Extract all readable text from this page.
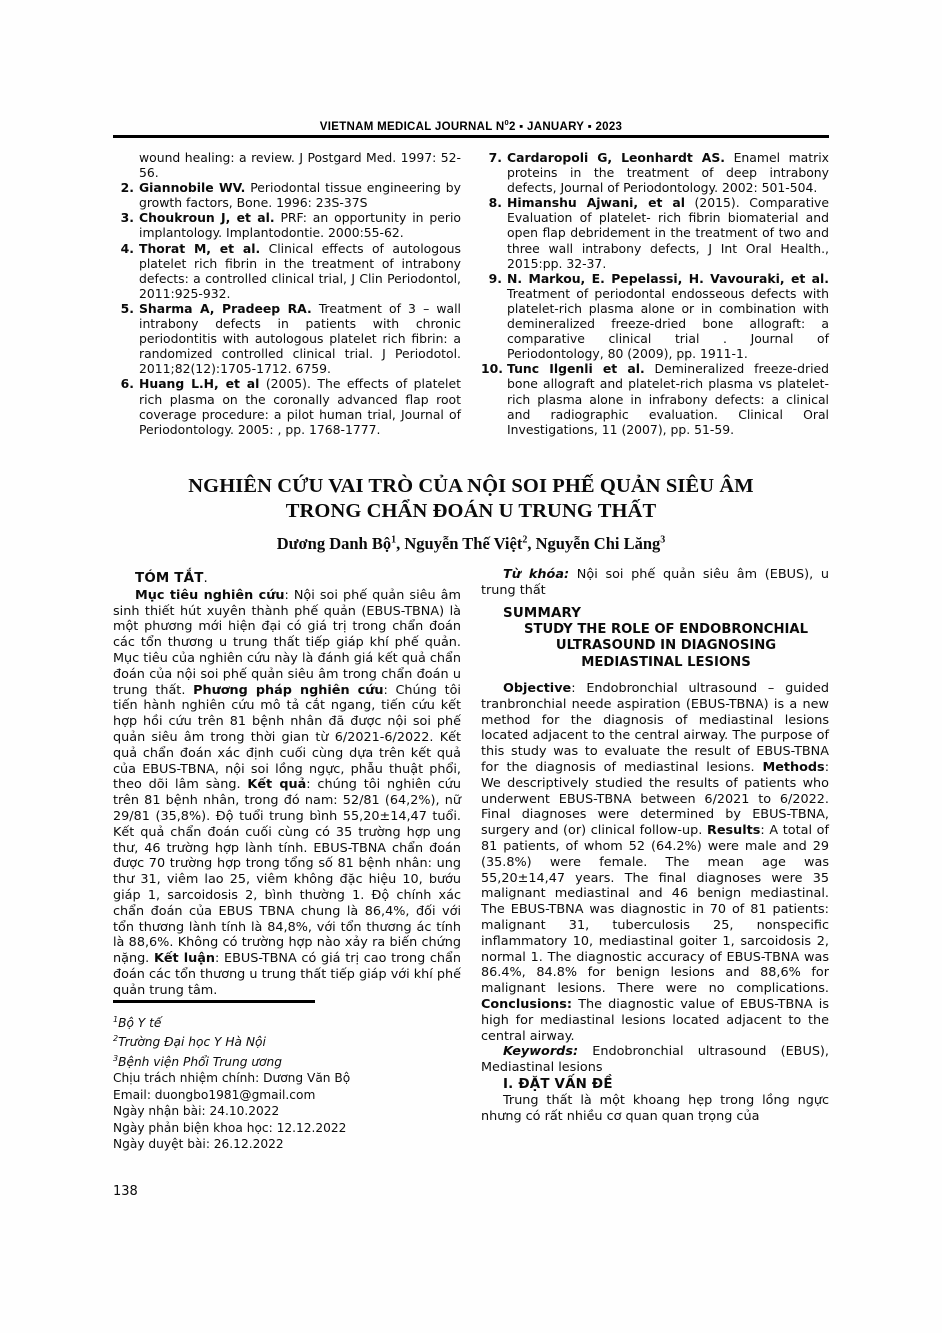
VIETNAM MEDICAL JOURNAL $N^02$ ▪ JANUARY ▪ 2023
wound healing: a review. J Postgard Med. 1997: 52-56.
2. Giannobile WV. Periodontal tissue engineering by growth factors, Bone. 1996: 23S-37S
3. Choukroun J, et al. PRF: an opportunity in perio implantology. Implantodontie. 2000:55-62.
4. Thorat M, et al. Clinical effects of autologous platelet rich fibrin in the treatment of intrabony defects: a controlled clinical trial, J Clin Periodontol, 2011:925-932.
5. Sharma A, Pradeep RA. Treatment of 3 – wall intrabony defects in patients with chronic periodontitis with autologous platelet rich fibrin: a randomized controlled clinical trial. J Periodotol. 2011;82(12):1705-1712. 6759.
6. Huang L.H, et al (2005). The effects of platelet rich plasma on the coronally advanced flap root coverage procedure: a pilot human trial, Journal of Periodontology. 2005: , pp. 1768-1777.
7. Cardaropoli G, Leonhardt AS. Enamel matrix proteins in the treatment of deep intrabony defects, Journal of Periodontology. 2002: 501-504.
8. Himanshu Ajwani, et al (2015). Comparative Evaluation of platelet- rich fibrin biomaterial and open flap debridement in the treatment of two and three wall intrabony defects, J Int Oral Health., 2015:pp. 32-37.
9. N. Markou, E. Pepelassi, H. Vavouraki, et al. Treatment of periodontal endosseous defects with platelet-rich plasma alone or in combination with demineralized freeze-dried bone allograft: a comparative clinical trial . Journal of Periodontology, 80 (2009), pp. 1911-1.
10. Tunc Ilgenli et al. Demineralized freeze-dried bone allograft and platelet-rich plasma vs platelet-rich plasma alone in infrabony defects: a clinical and radiographic evaluation. Clinical Oral Investigations, 11 (2007), pp. 51-59.
NGHIÊN CỨU VAI TRÒ CỦA NỘI SOI PHẾ QUẢN SIÊU ÂM
TRONG CHẨN ĐOÁN U TRUNG THẤT
Dương Danh Bộ$^1$, Nguyễn Thế Việt$^2$, Nguyễn Chi Lăng$^3$

TÓM TẮT.

Mục tiêu nghiên cứu: Nội soi phế quản siêu âm sinh thiết hút xuyên thành phế quản (EBUS-TBNA) là một phương mới hiện đại có giá trị trong chẩn đoán các tổn thương u trung thất tiếp giáp khí phế quản. Mục tiêu của nghiên cứu này là đánh giá kết quả chẩn đoán của nội soi phế quản siêu âm trong chẩn đoán u trung thất. Phương pháp nghiên cứu: Chúng tôi tiến hành nghiên cứu mô tả cắt ngang, tiến cứu kết hợp hồi cứu trên 81 bệnh nhân đã được nội soi phế quản siêu âm trong thời gian từ 6/2021-6/2022. Kết quả chẩn đoán xác định cuối cùng dựa trên kết quả của EBUS-TBNA, nội soi lồng ngực, phẫu thuật phổi, theo dõi lâm sàng. Kết quả: chúng tôi nghiên cứu trên 81 bệnh nhân, trong đó nam: 52/81 (64,2%), nữ 29/81 (35,8%). Độ tuổi trung bình 55,20±14,47 tuổi. Kết quả chẩn đoán cuối cùng có 35 trường hợp ung thư, 46 trường hợp lành tính. EBUS-TBNA chẩn đoán được 70 trường hợp trong tổng số 81 bệnh nhân: ung thư 31, viêm lao 25, viêm không đặc hiệu 10, bướu giáp 1, sarcoidosis 2, bình thường 1. Độ chính xác chẩn đoán của EBUS TBNA chung là 86,4%, đối với tổn thương lành tính là 84,8%, với tổn thương ác tính là 88,6%. Không có trường hợp nào xảy ra biến chứng nặng. Kết luận: EBUS-TBNA có giá trị cao trong chẩn đoán các tổn thương u trung thất tiếp giáp với khí phế quản trung tâm.

$^1$Bộ Y tế
$^2$Trường Đại học Y Hà Nội
$^3$Bệnh viện Phổi Trung ương
Chịu trách nhiệm chính: Dương Văn Bộ
Email: duongbo1981@gmail.com
Ngày nhận bài: 24.10.2022
Ngày phản biện khoa học: 12.12.2022
Ngày duyệt bài: 26.12.2022

Từ khóa: Nội soi phế quản siêu âm (EBUS), u trung thất

SUMMARY

STUDY THE ROLE OF ENDOBRONCHIAL

ULTRASOUND IN DIAGNOSING

MEDIASTINAL LESIONS

Objective: Endobronchial ultrasound – guided tranbronchial neede aspiration (EBUS-TBNA) is a new method for the diagnosis of mediastinal lesions located adjacent to the central airway. The purpose of this study was to evaluate the result of EBUS-TBNA for the diagnosis of mediastinal lesions. Methods: We descriptively studied the results of patients who underwent EBUS-TBNA between 6/2021 to 6/2022. Final diagnoses were determined by EBUS-TBNA, surgery and (or) clinical follow-up. Results: A total of 81 patients, of whom 52 (64.2%) were male and 29 (35.8%) were female. The mean age was 55,20±14,47 years. The final diagnoses were 35 malignant mediastinal and 46 benign mediastinal. The EBUS-TBNA was diagnostic in 70 of 81 patients: malignant 31, tuberculosis 25, nonspecific inflammatory 10, mediastinal goiter 1, sarcoidosis 2, normal 1. The diagnostic accuracy of EBUS-TBNA was 86.4%, 84.8% for benign lesions and 88,6% for malignant lesions. There were no complications. Conclusions: The diagnostic value of EBUS-TBNA is high for mediastinal lesions located adjacent to the central airway.

Keywords: Endobronchial ultrasound (EBUS), Mediastinal lesions

I. ĐẶT VẤN ĐỀ

Trung thất là một khoang hẹp trong lồng ngực nhưng có rất nhiều cơ quan quan trọng của

138
